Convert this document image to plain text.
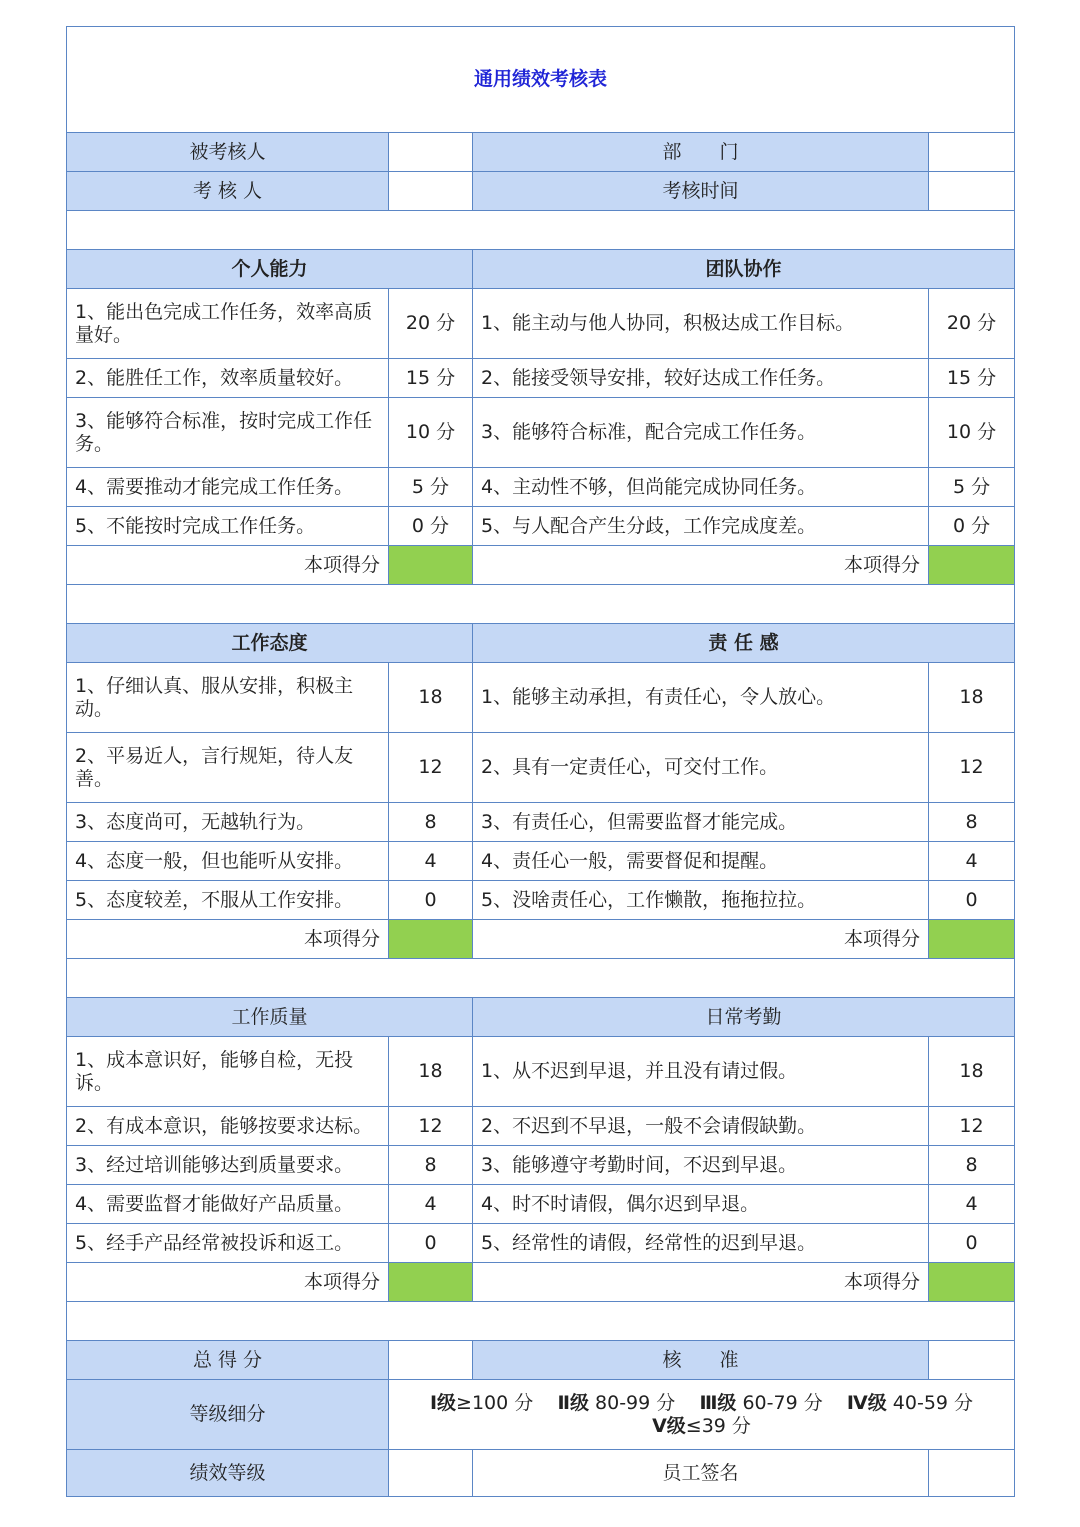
通用绩效考核表			
被考核人		部　　门	
考 核 人		考核时间	

个人能力		团队协作	
1、能出色完成工作任务，效率高质量好。	20 分	1、能主动与他人协同，积极达成工作目标。	20 分
2、能胜任工作，效率质量较好。	15 分	2、能接受领导安排，较好达成工作任务。	15 分
3、能够符合标准，按时完成工作任务。	10 分	3、能够符合标准，配合完成工作任务。	10 分
4、需要推动才能完成工作任务。	5 分	4、主动性不够，但尚能完成协同任务。	5 分
5、不能按时完成工作任务。	0 分	5、与人配合产生分歧，工作完成度差。	0 分
本项得分		本项得分	

工作态度		责 任 感	
1、仔细认真、服从安排，积极主动。	18	1、能够主动承担，有责任心，令人放心。	18
2、平易近人，言行规矩，待人友善。	12	2、具有一定责任心，可交付工作。	12
3、态度尚可，无越轨行为。	8	3、有责任心，但需要监督才能完成。	8
4、态度一般，但也能听从安排。	4	4、责任心一般，需要督促和提醒。	4
5、态度较差，不服从工作安排。	0	5、没啥责任心，工作懒散，拖拖拉拉。	0
本项得分		本项得分	

工作质量		日常考勤	
1、成本意识好，能够自检，无投诉。	18	1、从不迟到早退，并且没有请过假。	18
2、有成本意识，能够按要求达标。	12	2、不迟到不早退，一般不会请假缺勤。	12
3、经过培训能够达到质量要求。	8	3、能够遵守考勤时间，不迟到早退。	8
4、需要监督才能做好产品质量。	4	4、时不时请假，偶尔迟到早退。	4
5、经手产品经常被投诉和返工。	0	5、经常性的请假，经常性的迟到早退。	0
本项得分		本项得分	

总 得 分		核　　准	
等级细分	Ⅰ级≥100 分 Ⅱ级 80-99 分 Ⅲ级 60-79 分 Ⅳ级 40-59 分
Ⅴ级≤39 分		
绩效等级		员工签名	
